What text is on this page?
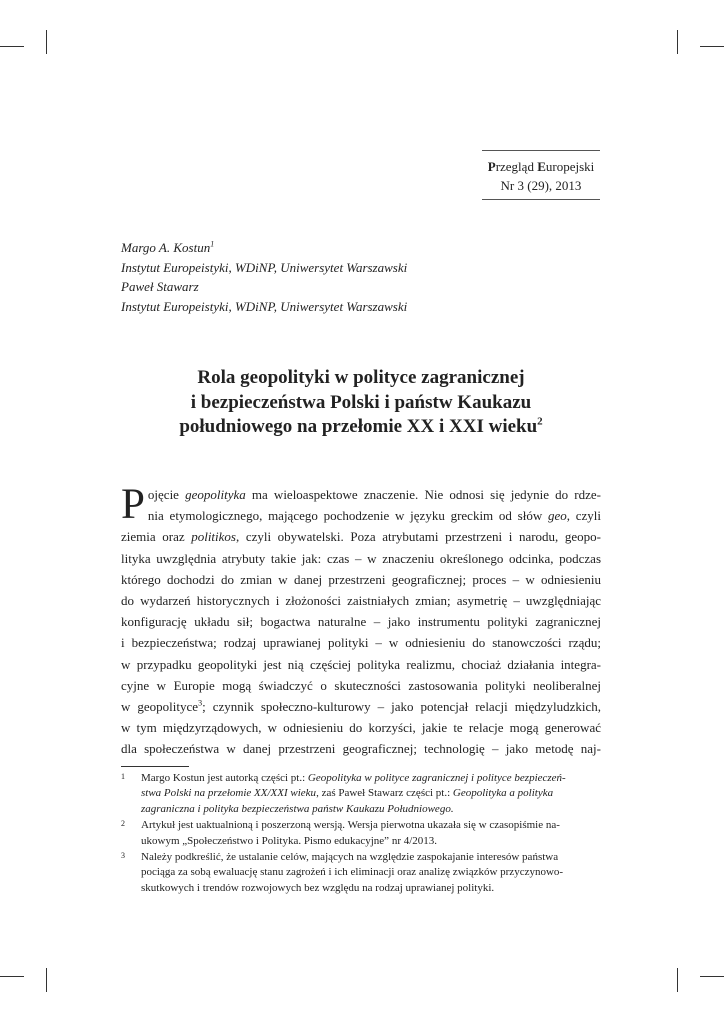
Przegląd Europejski
Nr 3 (29), 2013
Margo A. Kostun$^1$
Instytut Europeistyki, WDiNP, Uniwersytet Warszawski
Paweł Stawarz
Instytut Europeistyki, WDiNP, Uniwersytet Warszawski
Rola geopolityki w polityce zagranicznej
i bezpieczeństwa Polski i państw Kaukazu
południowego na przełomie XX i XXI wieku$^2$
P ojęcie geopolityka ma wieloaspektowe znaczenie. Nie odnosi się jedynie do rdze-
nia etymologicznego, mającego pochodzenie w języku greckim od słów geo, czyli
ziemia oraz politikos, czyli obywatelski. Poza atrybutami przestrzeni i narodu, geopo-
lityka uwzględnia atrybuty takie jak: czas – w znaczeniu określonego odcinka, podczas
którego dochodzi do zmian w danej przestrzeni geograficznej; proces – w odniesieniu
do wydarzeń historycznych i złożoności zaistniałych zmian; asymetrię – uwzględniając
konfigurację układu sił; bogactwa naturalne – jako instrumentu polityki zagranicznej
i bezpieczeństwa; rodzaj uprawianej polityki – w odniesieniu do stanowczości rządu;
w przypadku geopolityki jest nią częściej polityka realizmu, chociaż działania integra-
cyjne w Europie mogą świadczyć o skuteczności zastosowania polityki neoliberalnej
w geopolityce$^3$; czynnik społeczno-kulturowy – jako potencjał relacji międzyludzkich,
w tym międzyrządowych, w odniesieniu do korzyści, jakie te relacje mogą generować
dla społeczeństwa w danej przestrzeni geograficznej; technologię – jako metodę naj-
1 Margo Kostun jest autorką części pt.: Geopolityka w polityce zagranicznej i polityce bezpieczeń-
stwa Polski na przełomie XX/XXI wieku, zaś Paweł Stawarz części pt.: Geopolityka a polityka
zagraniczna i polityka bezpieczeństwa państw Kaukazu Południowego.
2 Artykuł jest uaktualnioną i poszerzoną wersją. Wersja pierwotna ukazała się w czasopiśmie na-
ukowym „Społeczeństwo i Polityka. Pismo edukacyjne” nr 4/2013.
3 Należy podkreślić, że ustalanie celów, mających na względzie zaspokajanie interesów państwa
pociąga za sobą ewaluację stanu zagrożeń i ich eliminacji oraz analizę związków przyczynowo-
skutkowych i trendów rozwojowych bez względu na rodzaj uprawianej polityki.
